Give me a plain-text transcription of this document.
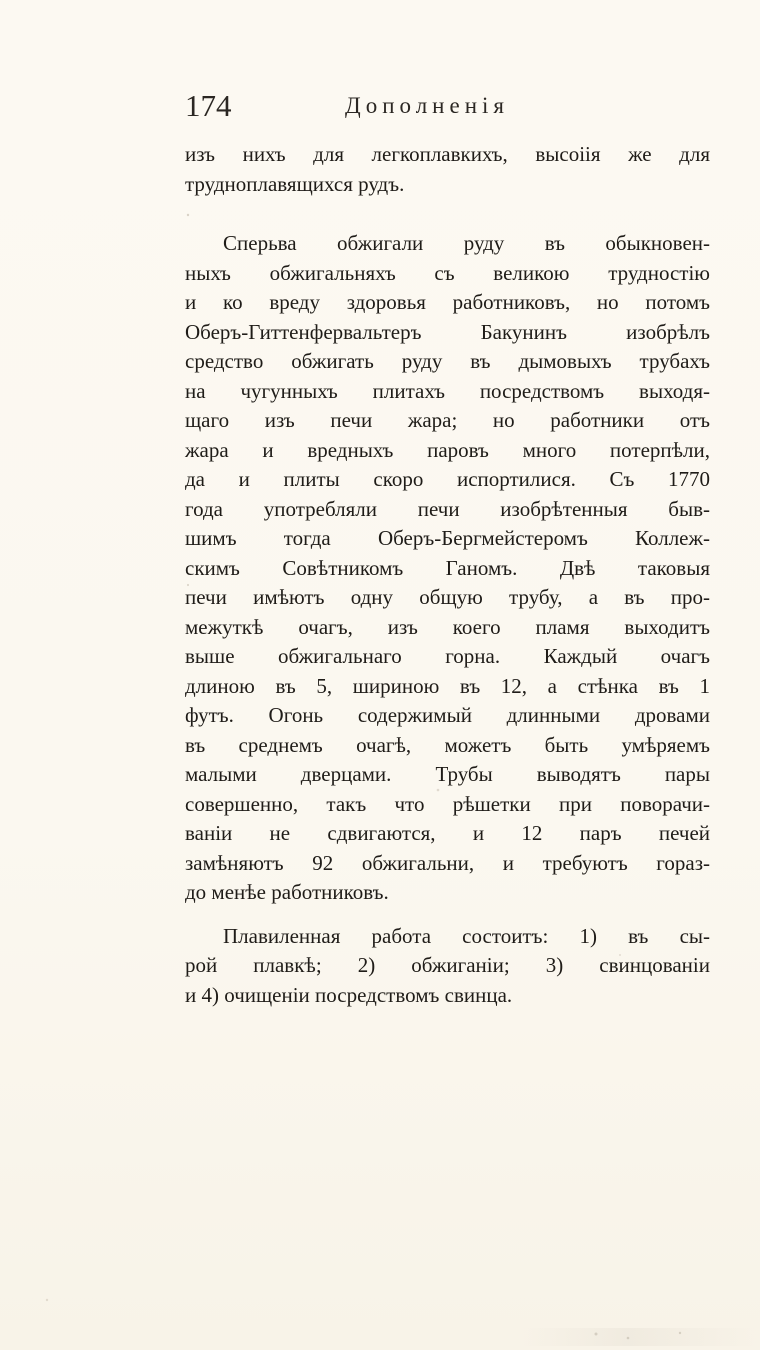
174	Дополненія
изъ нихъ для легкоплавкихъ, высоiія же для
трудноплавящихся рудъ.
Сперьва обжигали руду въ обыкновен-
ныхъ обжигальняхъ съ великою трудностію
и ко вреду здоровья работниковъ, но потомъ
Оберъ-Гиттенфервальтеръ Бакунинъ изобрѣлъ
средство обжигать руду въ дымовыхъ трубахъ
на чугунныхъ плитахъ посредствомъ выходя-
щаго изъ печи жара; но работники отъ
жара и вредныхъ паровъ много потерпѣли,
да и плиты скоро испортилися. Съ 1770
года употребляли печи изобрѣтенныя быв-
шимъ тогда Оберъ-Бергмейстеромъ Коллеж-
скимъ Совѣтникомъ Ганомъ. Двѣ таковыя
печи имѣютъ одну общую трубу, а въ про-
межуткѣ очагъ, изъ коего пламя выходитъ
выше обжигальнаго горна. Каждый очагъ
длиною въ 5, шириною въ 12, а стѣнка въ 1
футъ. Огонь содержимый длинными дровами
въ среднемъ очагѣ, можетъ быть умѣряемъ
малыми дверцами. Трубы выводятъ пары
совершенно, такъ что рѣшетки при поворачи-
ваніи не сдвигаются, и 12 паръ печей
замѣняютъ 92 обжигальни, и требуютъ горaз-
до менѣе работниковъ.
Плавиленная работа состоитъ: 1) въ сы-
рой плавкѣ; 2) обжиганіи; 3) свинцованіи
и 4) очищеніи посредствомъ свинца.
